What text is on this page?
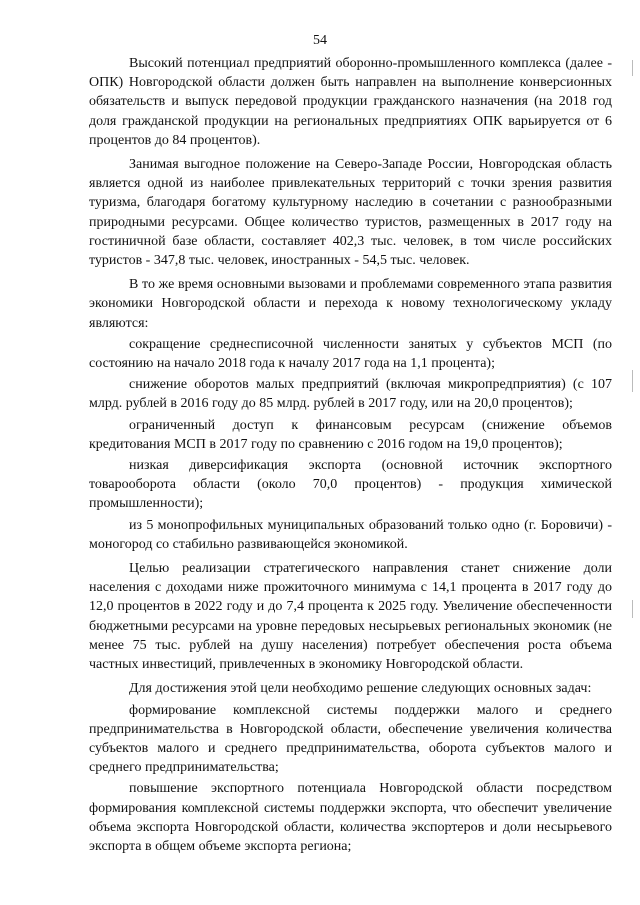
54

Высокий потенциал предприятий оборонно-промышленного комплекса (далее - ОПК) Новгородской области должен быть направлен на выполнение конверсионных обязательств и выпуск передовой продукции гражданского назначения (на 2018 год доля гражданской продукции на региональных предприятиях ОПК варьируется от 6 процентов до 84 процентов).

Занимая выгодное положение на Северо-Западе России, Новгородская область является одной из наиболее привлекательных территорий с точки зрения развития туризма, благодаря богатому культурному наследию в сочетании с разнообразными природными ресурсами. Общее количество туристов, размещенных в 2017 году на гостиничной базе области, составляет 402,3 тыс. человек, в том числе российских туристов - 347,8 тыс. человек, иностранных - 54,5 тыс. человек.

В то же время основными вызовами и проблемами современного этапа развития экономики Новгородской области и перехода к новому технологическому укладу являются:

сокращение среднесписочной численности занятых у субъектов МСП (по состоянию на начало 2018 года к началу 2017 года на 1,1 процента);

снижение оборотов малых предприятий (включая микропредприятия) (с 107 млрд. рублей в 2016 году до 85 млрд. рублей в 2017 году, или на 20,0 процентов);

ограниченный доступ к финансовым ресурсам (снижение объемов кредитования МСП в 2017 году по сравнению с 2016 годом на 19,0 процентов);

низкая диверсификация экспорта (основной источник экспортного товарооборота области (около 70,0 процентов) - продукция химической промышленности);

из 5 монопрофильных муниципальных образований только одно (г. Боровичи) - моногород со стабильно развивающейся экономикой.

Целью реализации стратегического направления станет снижение доли населения с доходами ниже прожиточного минимума с 14,1 процента в 2017 году до 12,0 процентов в 2022 году и до 7,4 процента к 2025 году. Увеличение обеспеченности бюджетными ресурсами на уровне передовых несырьевых региональных экономик (не менее 75 тыс. рублей на душу населения) потребует обеспечения роста объема частных инвестиций, привлеченных в экономику Новгородской области.

Для достижения этой цели необходимо решение следующих основных задач:

формирование комплексной системы поддержки малого и среднего предпринимательства в Новгородской области, обеспечение увеличения количества субъектов малого и среднего предпринимательства, оборота субъектов малого и среднего предпринимательства;

повышение экспортного потенциала Новгородской области посредством формирования комплексной системы поддержки экспорта, что обеспечит увеличение объема экспорта Новгородской области, количества экспортеров и доли несырьевого экспорта в общем объеме экспорта региона;
